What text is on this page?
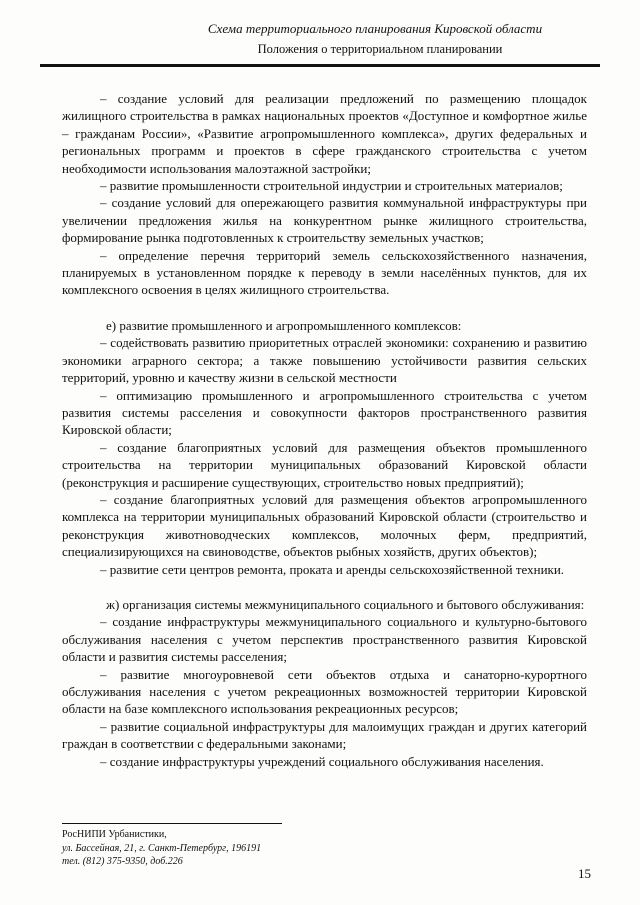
Схема территориального планирования Кировской области
Положения о территориальном планировании

– создание условий для реализации предложений по размещению площадок жилищного строительства в рамках национальных проектов «Доступное и комфортное жилье – гражданам России», «Развитие агропромышленного комплекса», других федеральных и региональных программ и проектов в сфере гражданского строительства с учетом необходимости использования малоэтажной застройки;

– развитие промышленности строительной индустрии и строительных материалов;

– создание условий для опережающего развития коммунальной инфраструктуры при увеличении предложения жилья на конкурентном рынке жилищного строительства, формирование рынка подготовленных к строительству земельных участков;

– определение перечня территорий земель сельскохозяйственного назначения, планируемых в установленном порядке к переводу в земли населённых пунктов, для их комплексного освоения в целях жилищного строительства.

е) развитие промышленного и агропромышленного комплексов:

– содействовать развитию приоритетных отраслей экономики: сохранению и развитию экономики аграрного сектора; а также повышению устойчивости развития сельских территорий, уровню и качеству жизни в сельской местности

– оптимизацию промышленного и агропромышленного строительства с учетом развития системы расселения и совокупности факторов пространственного развития Кировской области;

– создание благоприятных условий для размещения объектов промышленного строительства на территории муниципальных образований Кировской области (реконструкция и расширение существующих, строительство новых предприятий);

– создание благоприятных условий для размещения объектов агропромышленного комплекса на территории муниципальных образований Кировской области (строительство и реконструкция животноводческих комплексов, молочных ферм, предприятий, специализирующихся на свиноводстве, объектов рыбных хозяйств, других объектов);

– развитие сети центров ремонта, проката и аренды сельскохозяйственной техники.

ж) организация системы межмуниципального социального и бытового обслуживания:

– создание инфраструктуры межмуниципального социального и культурно-бытового обслуживания населения с учетом перспектив пространственного развития Кировской области и развития системы расселения;

– развитие многоуровневой сети объектов отдыха и санаторно-курортного обслуживания населения с учетом рекреационных возможностей территории Кировской области на базе комплексного использования рекреационных ресурсов;

– развитие социальной инфраструктуры для малоимущих граждан и других категорий граждан в соответствии с федеральными законами;

– создание инфраструктуры учреждений социального обслуживания населения.

РосНИПИ Урбанистики,
ул. Бассейная, 21, г. Санкт-Петербург, 196191
тел. (812) 375-9350, доб.226
15
